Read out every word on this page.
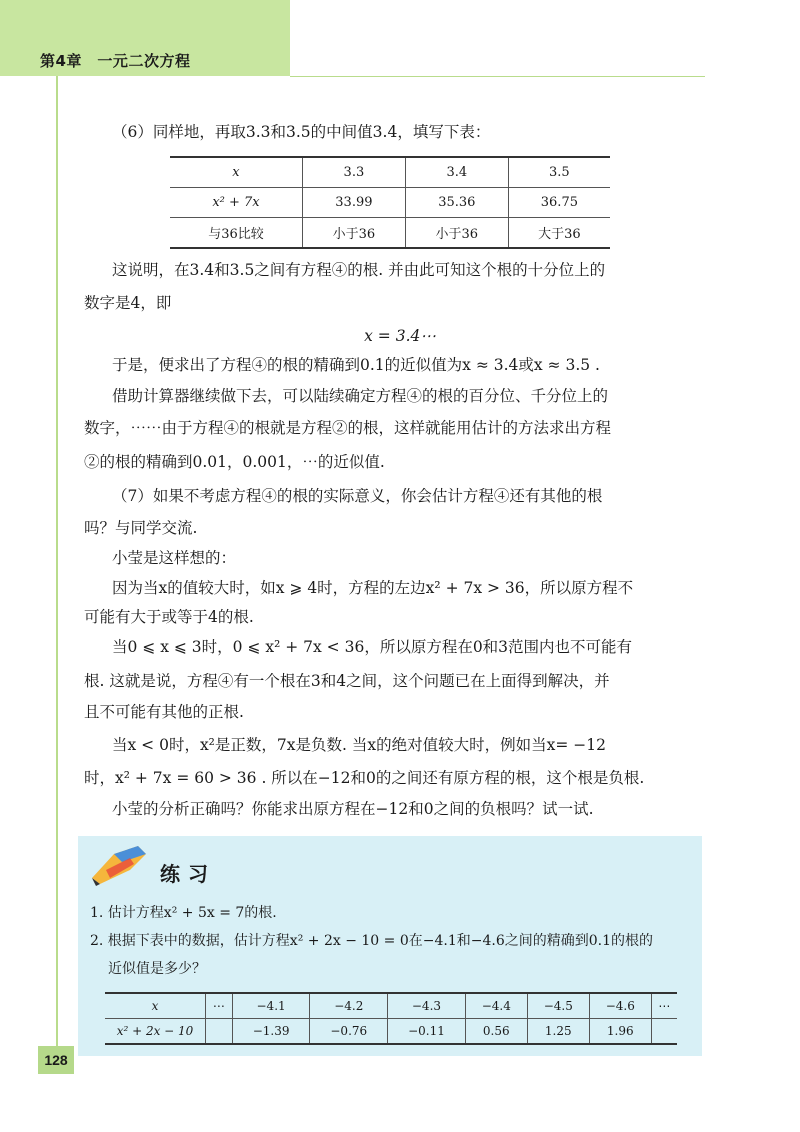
第4章　一元二次方程
（6）同样地，再取3.3和3.5的中间值3.4，填写下表：
x	3.3	3.4	3.5
x² + 7x	33.99	35.36	36.75
与36比较	小于36	小于36	大于36
这说明，在3.4和3.5之间有方程④的根. 并由此可知这个根的十分位上的
数字是4，即
x = 3.4⋯
于是，便求出了方程④的根的精确到0.1的近似值为x ≈ 3.4或x ≈ 3.5 .
借助计算器继续做下去，可以陆续确定方程④的根的百分位、千分位上的
数字，⋯⋯由于方程④的根就是方程②的根，这样就能用估计的方法求出方程
②的根的精确到0.01，0.001，⋯的近似值.
（7）如果不考虑方程④的根的实际意义，你会估计方程④还有其他的根
吗？与同学交流.
小莹是这样想的：
因为当x的值较大时，如x ⩾ 4时，方程的左边x² + 7x > 36，所以原方程不
可能有大于或等于4的根.
当0 ⩽ x ⩽ 3时，0 ⩽ x² + 7x < 36，所以原方程在0和3范围内也不可能有
根. 这就是说，方程④有一个根在3和4之间，这个问题已在上面得到解决，并
且不可能有其他的正根.
当x < 0时，x²是正数，7x是负数. 当x的绝对值较大时，例如当x= −12
时，x² + 7x = 60 > 36 . 所以在−12和0的之间还有原方程的根，这个根是负根.
小莹的分析正确吗？你能求出原方程在−12和0之间的负根吗？试一试.
练习
1. 估计方程x² + 5x = 7的根.
2. 根据下表中的数据，估计方程x² + 2x − 10 = 0在−4.1和−4.6之间的精确到0.1的根的
近似值是多少？
x	⋯	−4.1	−4.2	−4.3	−4.4	−4.5	−4.6	⋯
x² + 2x − 10		−1.39	−0.76	−0.11	0.56	1.25	1.96	
128
